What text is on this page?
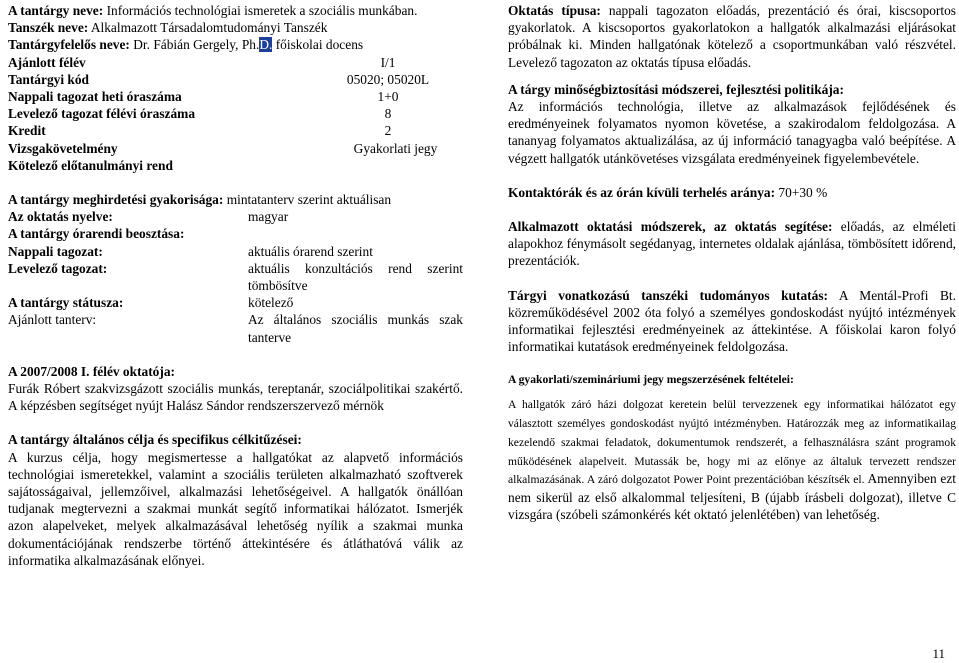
A tantárgy neve: Információs technológiai ismeretek a szociális munkában.

Tanszék neve: Alkalmazott Társadalomtudományi Tanszék

Tantárgyfelelős neve: Dr. Fábián Gergely, Ph.D. főiskolai docens

Ajánlott félév	I/1
Tantárgyi kód	05020; 05020L
Nappali tagozat heti óraszáma	1+0
Levelező tagozat félévi óraszáma	8
Kredit	2
Vizsgakövetelmény	Gyakorlati jegy
Kötelező előtanulmányi rend

A tantárgy meghirdetési gyakorisága: mintatanterv szerint aktuálisan

Az oktatás nyelve:	magyar

A tantárgy órarendi beosztása:

Nappali tagozat:	aktuális órarend szerint
Levelező tagozat:	aktuális konzultációs rend szerint tömbösítve
A tantárgy státusza:	kötelező
Ajánlott tanterv:	Az általános szociális munkás szak tanterve

A 2007/2008 I. félév oktatója:

Furák Róbert szakvizsgázott szociális munkás, tereptanár, szociálpolitikai szakértő. A képzésben segítséget nyújt Halász Sándor rendszerszervező mérnök

A tantárgy általános célja és specifikus célkitűzései:

A kurzus célja, hogy megismertesse a hallgatókat az alapvető információs technológiai ismeretekkel, valamint a szociális területen alkalmazható szoftverek sajátosságaival, jellemzőivel, alkalmazási lehetőségeivel. A hallgatók önállóan tudjanak megtervezni a szakmai munkát segítő informatikai hálózatot. Ismerjék azon alapelveket, melyek alkalmazásával lehetőség nyílik a szakmai munka dokumentációjának rendszerbe történő áttekintésére és átláthatóvá válik az informatika alkalmazásának előnyei.

Oktatás típusa: nappali tagozaton előadás, prezentáció és órai, kiscsoportos gyakorlatok. A kiscsoportos gyakorlatokon a hallgatók alkalmazási eljárásokat próbálnak ki. Minden hallgatónak kötelező a csoportmunkában való részvétel. Levelező tagozaton az oktatás típusa előadás.

A tárgy minőségbiztosítási módszerei, fejlesztési politikája:

Az információs technológia, illetve az alkalmazások fejlődésének és eredményeinek folyamatos nyomon követése, a szakirodalom feldolgozása. A tananyag folyamatos aktualizálása, az új információ tanagyagba való beépítése. A végzett hallgatók utánkövetéses vizsgálata eredményeinek figyelembevétele.

Kontaktórák és az órán kívüli terhelés aránya: 70+30 %

Alkalmazott oktatási módszerek, az oktatás segítése: előadás, az elméleti alapokhoz fénymásolt segédanyag, internetes oldalak ajánlása, tömbösített időrend, prezentációk.

Tárgyi vonatkozású tanszéki tudományos kutatás: A Mentál-Profi Bt. közreműködésével 2002 óta folyó a személyes gondoskodást nyújtó intézmények informatikai fejlesztési eredményeinek az áttekintése. A főiskolai karon folyó informatikai kutatások eredményeinek feldolgozása.

A gyakorlati/szemináriumi jegy megszerzésének feltételei:

A hallgatók záró házi dolgozat keretein belül tervezzenek egy informatikai hálózatot egy választott személyes gondoskodást nyújtó intézményben. Határozzák meg az informatikailag kezelendő szakmai feladatok, dokumentumok rendszerét, a felhasználásra szánt programok működésének alapelveit. Mutassák be, hogy mi az előnye az általuk tervezett rendszer alkalmazásának. A záró dolgozatot Power Point prezentációban készítsék el. Amennyiben ezt nem sikerül az első alkalommal teljesíteni, B (újabb írásbeli dolgozat), illetve C vizsgára (szóbeli számonkérés két oktató jelenlétében) van lehetőség.

11
